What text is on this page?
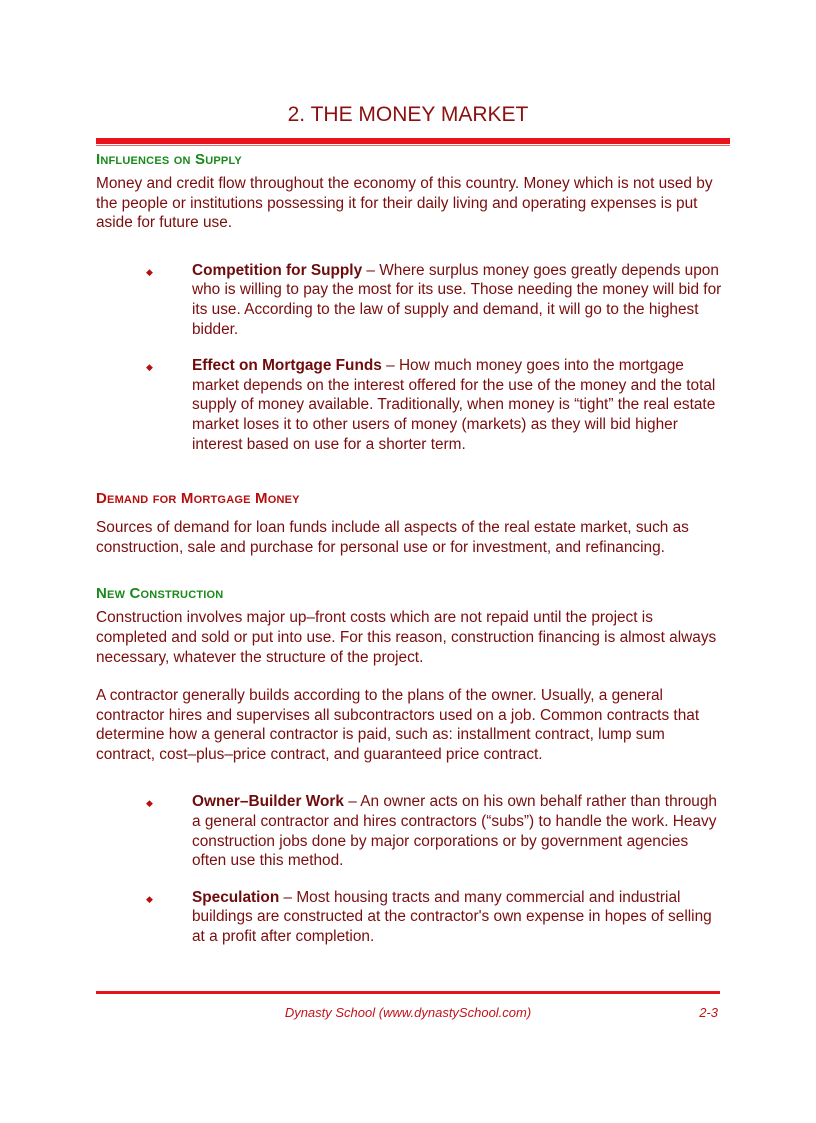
2. THE MONEY MARKET
Influences on Supply

Money and credit flow throughout the economy of this country. Money which is not used by the people or institutions possessing it for their daily living and operating expenses is put aside for future use.

◆	Competition for Supply – Where surplus money goes greatly depends upon who is willing to pay the most for its use. Those needing the money will bid for its use. According to the law of supply and demand, it will go to the highest bidder.
◆	Effect on Mortgage Funds – How much money goes into the mortgage market depends on the interest offered for the use of the money and the total supply of money available. Traditionally, when money is “tight” the real estate market loses it to other users of money (markets) as they will bid higher interest based on use for a shorter term.
Demand for Mortgage Money

Sources of demand for loan funds include all aspects of the real estate market, such as construction, sale and purchase for personal use or for investment, and refinancing.

New Construction

Construction involves major up–front costs which are not repaid until the project is completed and sold or put into use. For this reason, construction financing is almost always necessary, whatever the structure of the project.

A contractor generally builds according to the plans of the owner. Usually, a general contractor hires and supervises all subcontractors used on a job. Common contracts that determine how a general contractor is paid, such as: installment contract, lump sum contract, cost–plus–price contract, and guaranteed price contract.

◆	Owner–Builder Work – An owner acts on his own behalf rather than through a general contractor and hires contractors (“subs”) to handle the work. Heavy construction jobs done by major corporations or by government agencies often use this method.
◆	Speculation – Most housing tracts and many commercial and industrial buildings are constructed at the contractor's own expense in hopes of selling at a profit after completion.
Dynasty School (www.dynastySchool.com)	2-3
